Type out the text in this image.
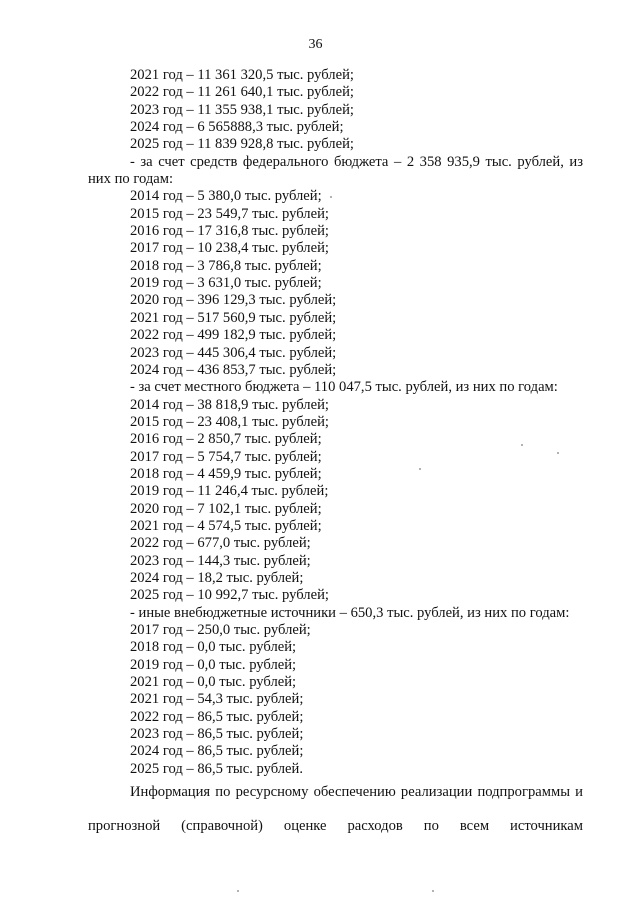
36
2021 год – 11 361 320,5 тыс. рублей;
2022 год – 11 261 640,1 тыс. рублей;
2023 год – 11 355 938,1 тыс. рублей;
2024 год – 6 565888,3 тыс. рублей;
2025 год – 11 839 928,8 тыс. рублей;
- за счет средств федерального бюджета – 2 358 935,9 тыс. рублей, из
них по годам:
2014 год – 5 380,0 тыс. рублей;
2015 год – 23 549,7 тыс. рублей;
2016 год – 17 316,8 тыс. рублей;
2017 год – 10 238,4 тыс. рублей;
2018 год – 3 786,8 тыс. рублей;
2019 год – 3 631,0 тыс. рублей;
2020 год – 396 129,3 тыс. рублей;
2021 год – 517 560,9 тыс. рублей;
2022 год – 499 182,9 тыс. рублей;
2023 год – 445 306,4 тыс. рублей;
2024 год – 436 853,7 тыс. рублей;
- за счет местного бюджета – 110 047,5 тыс. рублей, из них по годам:
2014 год – 38 818,9 тыс. рублей;
2015 год – 23 408,1 тыс. рублей;
2016 год – 2 850,7 тыс. рублей;
2017 год – 5 754,7 тыс. рублей;
2018 год – 4 459,9 тыс. рублей;
2019 год – 11 246,4 тыс. рублей;
2020 год – 7 102,1 тыс. рублей;
2021 год – 4 574,5 тыс. рублей;
2022 год – 677,0 тыс. рублей;
2023 год – 144,3 тыс. рублей;
2024 год – 18,2 тыс. рублей;
2025 год – 10 992,7 тыс. рублей;
- иные внебюджетные источники – 650,3 тыс. рублей, из них по годам:
2017 год – 250,0 тыс. рублей;
2018 год – 0,0 тыс. рублей;
2019 год – 0,0 тыс. рублей;
2021 год – 0,0 тыс. рублей;
2021 год – 54,3 тыс. рублей;
2022 год – 86,5 тыс. рублей;
2023 год – 86,5 тыс. рублей;
2024 год – 86,5 тыс. рублей;
2025 год – 86,5 тыс. рублей.
Информация по ресурсному обеспечению реализации подпрограммы и
прогнозной (справочной) оценке расходов по всем источникам
